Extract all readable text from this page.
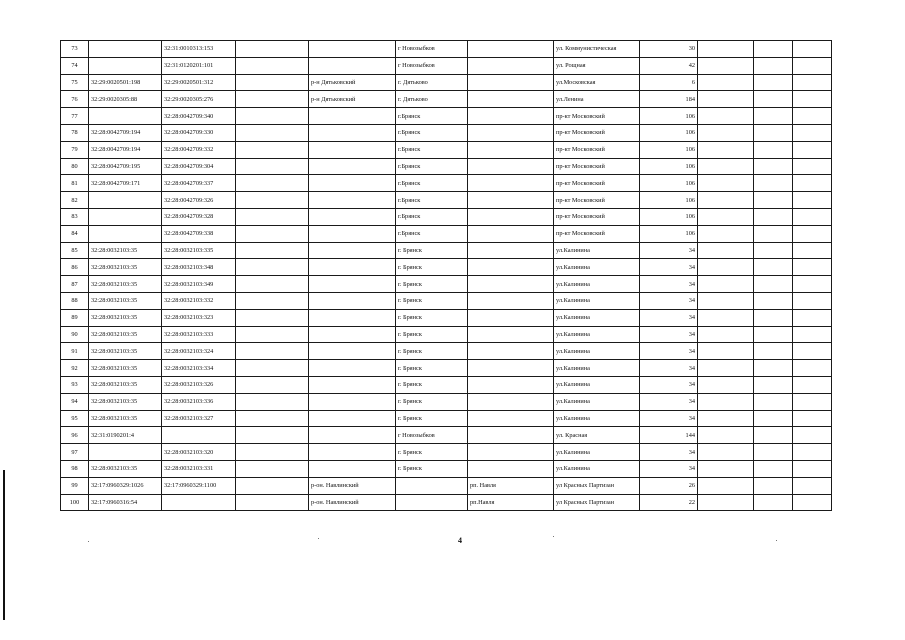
73		32:31:0010313:153			г Новозыбков		ул. Коммунистическая	30			
74		32:31:0120201:101			г Новозыбков		ул. Рощная	42			
75	32:29:0020501:198	32:29:0020501:312		р-н Дятьковский	г. Дятьково		ул.Московская	6			
76	32:29:0020305:88	32:29:0020305:276		р-н Дятьковский	г. Дятьково		ул.Ленина	184			
77		32:28:0042709:340			г.Брянск		пр-кт Московский	106			
78	32:28:0042709:194	32:28:0042709:330			г.Брянск		пр-кт Московский	106			
79	32:28:0042709:194	32:28:0042709:332			г.Брянск		пр-кт Московский	106			
80	32:28:0042709:195	32:28:0042709:304			г.Брянск		пр-кт Московский	106			
81	32:28:0042709:171	32:28:0042709:337			г.Брянск		пр-кт Московский	106			
82		32:28:0042709:326			г.Брянск		пр-кт Московский	106			
83		32:28:0042709:328			г.Брянск		пр-кт Московский	106			
84		32:28:0042709:338			г.Брянск		пр-кт Московский	106			
85	32:28:0032103:35	32:28:0032103:335			г. Брянск		ул.Калинина	34			
86	32:28:0032103:35	32:28:0032103:348			г. Брянск		ул.Калинина	34			
87	32:28:0032103:35	32:28:0032103:349			г. Брянск		ул.Калинина	34			
88	32:28:0032103:35	32:28:0032103:332			г. Брянск		ул.Калинина	34			
89	32:28:0032103:35	32:28:0032103:323			г. Брянск		ул.Калинина	34			
90	32:28:0032103:35	32:28:0032103:333			г. Брянск		ул.Калинина	34			
91	32:28:0032103:35	32:28:0032103:324			г. Брянск		ул.Калинина	34			
92	32:28:0032103:35	32:28:0032103:334			г. Брянск		ул.Калинина	34			
93	32:28:0032103:35	32:28:0032103:326			г. Брянск		ул.Калинина	34			
94	32:28:0032103:35	32:28:0032103:336			г. Брянск		ул.Калинина	34			
95	32:28:0032103:35	32:28:0032103:327			г. Брянск		ул.Калинина	34			
96	32:31:0190201:4				г Новозыбков		ул. Красная	144			
97		32:28:0032103:320			г. Брянск		ул.Калинина	34			
98	32:28:0032103:35	32:28:0032103:331			г. Брянск		ул.Калинина	34			
99	32:17:0960329:1026	32:17:0960329:1100		р-он. Навлинский		рп. Навля	ул Красных Партизан	26			
100	32:17:0960316:54			р-он. Навлинский		рп.Навля	ул Красных Партизан	22			
4
